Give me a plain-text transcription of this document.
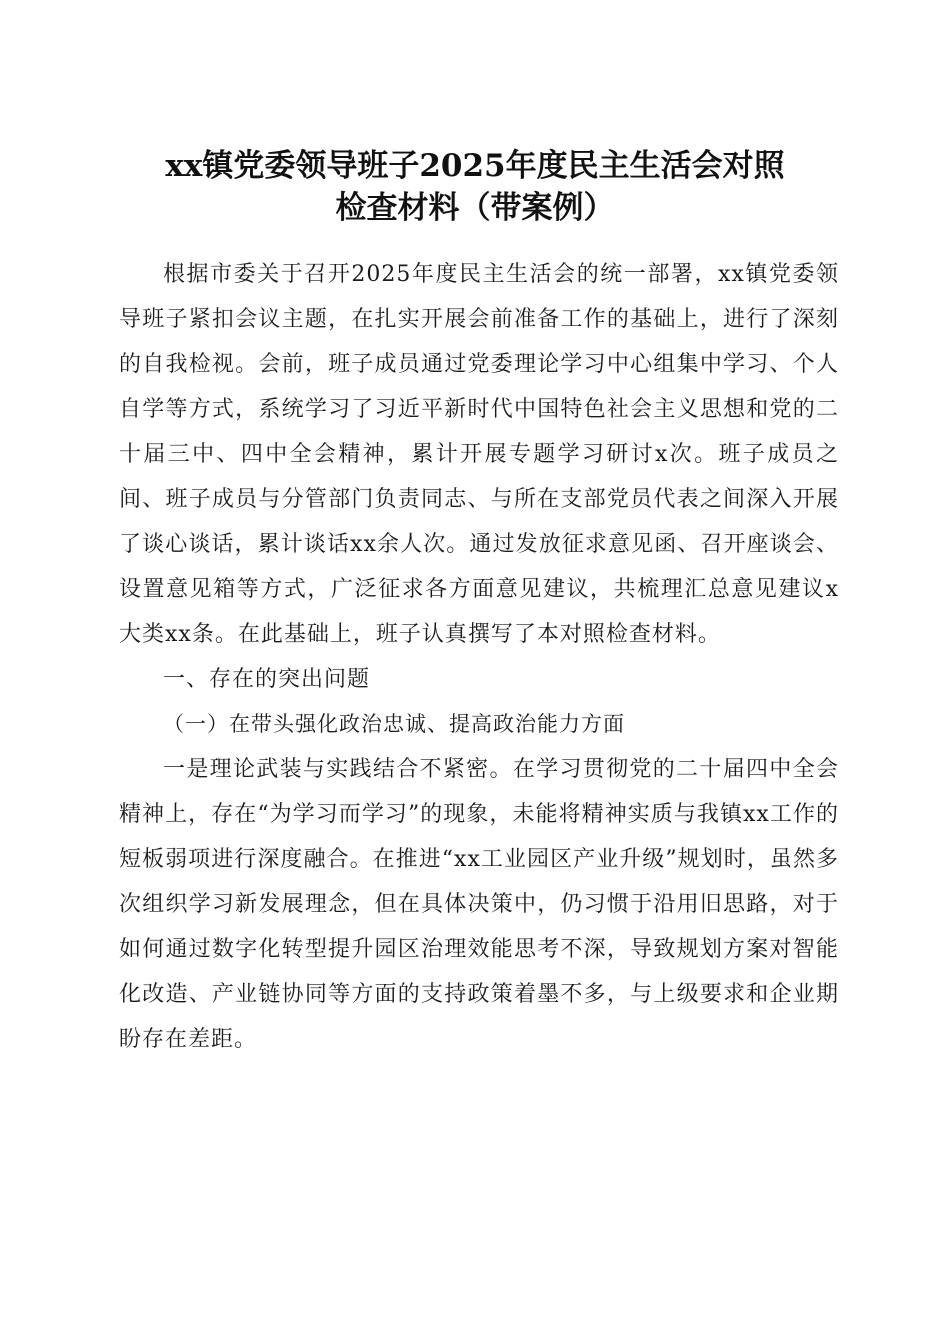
xx镇党委领导班子2025年度民主生活会对照
检查材料（带案例）

根据市委关于召开2025年度民主生活会的统一部署，xx镇党委领导班子紧扣会议主题，在扎实开展会前准备工作的基础上，进行了深刻的自我检视。会前，班子成员通过党委理论学习中心组集中学习、个人自学等方式，系统学习了习近平新时代中国特色社会主义思想和党的二十届三中、四中全会精神，累计开展专题学习研讨x次。班子成员之间、班子成员与分管部门负责同志、与所在支部党员代表之间深入开展了谈心谈话，累计谈话xx余人次。通过发放征求意见函、召开座谈会、设置意见箱等方式，广泛征求各方面意见建议，共梳理汇总意见建议x大类xx条。在此基础上，班子认真撰写了本对照检查材料。

一、存在的突出问题

（一）在带头强化政治忠诚、提高政治能力方面

一是理论武装与实践结合不紧密。在学习贯彻党的二十届四中全会精神上，存在“为学习而学习”的现象，未能将精神实质与我镇xx工作的短板弱项进行深度融合。在推进“xx工业园区产业升级”规划时，虽然多次组织学习新发展理念，但在具体决策中，仍习惯于沿用旧思路，对于如何通过数字化转型提升园区治理效能思考不深，导致规划方案对智能化改造、产业链协同等方面的支持政策着墨不多，与上级要求和企业期盼存在差距。
